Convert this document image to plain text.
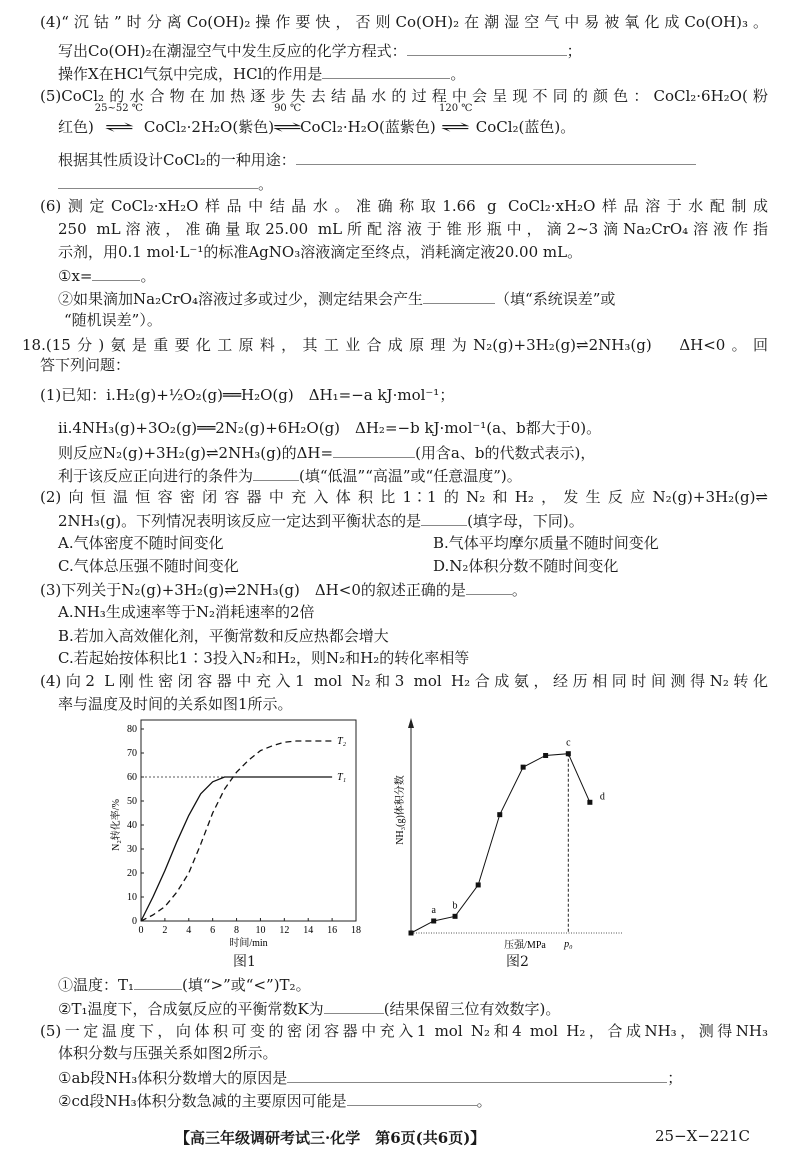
(4)“沉钴”时分离Co(OH)₂操作要快，否则Co(OH)₂在潮湿空气中易被氧化成Co(OH)₃。
写出Co(OH)₂在潮湿空气中发生反应的化学方程式：	；
操作X在HCl气氛中完成，HCl的作用是	。
(5)CoCl₂的水合物在加热逐步失去结晶水的过程中会呈现不同的颜色：CoCl₂·6H₂O(粉
红色)
25~52 ℃
⇌ CoCl₂·2H₂O(紫色)
90 ℃
⇌CoCl₂·H₂O(蓝紫色)
120 ℃
⇌ CoCl₂(蓝色)。
根据其性质设计CoCl₂的一种用途：
。
(6)测定CoCl₂·xH₂O样品中结晶水。准确称取1.66 g CoCl₂·xH₂O样品溶于水配制成
250 mL溶液，准确量取25.00 mL所配溶液于锥形瓶中，滴2~3滴Na₂CrO₄溶液作指
示剂，用0.1 mol·L⁻¹的标准AgNO₃溶液滴定至终点，消耗滴定液20.00 mL。
①x=	。
②如果滴加Na₂CrO₄溶液过多或过少，测定结果会产生	（填“系统误差”或
“随机误差”）。
18.(15分)氨是重要化工原料，其工业合成原理为N₂(g)+3H₂(g)⇌2NH₃(g)　ΔH<0。回
答下列问题：
(1)已知：ⅰ.H₂(g)+½O₂(g)══H₂O(g)　ΔH₁=−a kJ·mol⁻¹；
ⅱ.4NH₃(g)+3O₂(g)══2N₂(g)+6H₂O(g)　ΔH₂=−b kJ·mol⁻¹(a、b都大于0)。
则反应N₂(g)+3H₂(g)⇌2NH₃(g)的ΔH=	(用含a、b的代数式表示)，
利于该反应正向进行的条件为	(填“低温”“高温”或“任意温度”)。
(2)向恒温恒容密闭容器中充入体积比1∶1的N₂和H₂，发生反应N₂(g)+3H₂(g)⇌
2NH₃(g)。下列情况表明该反应一定达到平衡状态的是	(填字母，下同)。
A.气体密度不随时间变化	B.气体平均摩尔质量不随时间变化
C.气体总压强不随时间变化	D.N₂体积分数不随时间变化
(3)下列关于N₂(g)+3H₂(g)⇌2NH₃(g)　ΔH<0的叙述正确的是	。
A.NH₃生成速率等于N₂消耗速率的2倍
B.若加入高效催化剂，平衡常数和反应热都会增大
C.若起始按体积比1∶3投入N₂和H₂，则N₂和H₂的转化率相等
(4)向2 L刚性密闭容器中充入1 mol N₂和3 mol H₂合成氨，经历相同时间测得N₂转化
率与温度及时间的关系如图1所示。
0 2 4 6 8 10 12 14 16 18
0
10
20
30
40
50
60
70
80
T₁
T₂
时间/min
N₂转化率/%
p₀
a b
c
d
压强/MPa
NH₃(g)体积分数
图1	图2
①温度：T₁	(填“>”或“<”)T₂。
②T₁温度下，合成氨反应的平衡常数K为	(结果保留三位有效数字)。
(5)一定温度下，向体积可变的密闭容器中充入1 mol N₂和4 mol H₂，合成NH₃，测得NH₃
体积分数与压强关系如图2所示。
①ab段NH₃体积分数增大的原因是	；
②cd段NH₃体积分数急减的主要原因可能是	。
【高三年级调研考试三·化学　第6页(共6页)】	25−X−221C
